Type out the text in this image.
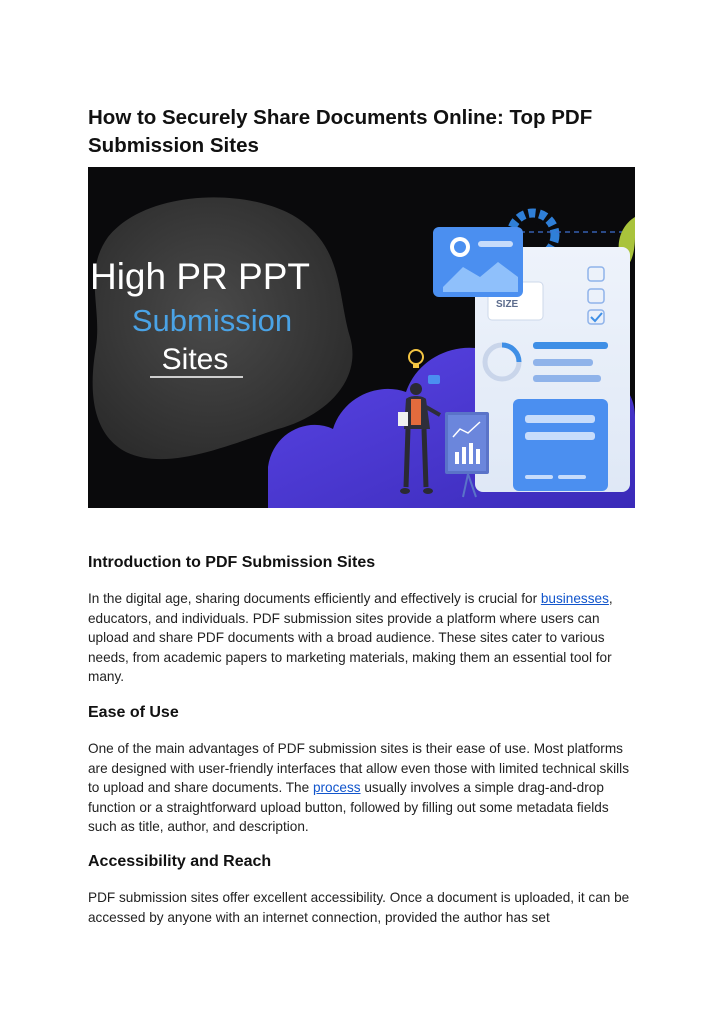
How to Securely Share Documents Online: Top PDF Submission Sites
SIZE
High PR PPT
Submission
Sites
Introduction to PDF Submission Sites

In the digital age, sharing documents efficiently and effectively is crucial for businesses, educators, and individuals. PDF submission sites provide a platform where users can upload and share PDF documents with a broad audience. These sites cater to various needs, from academic papers to marketing materials, making them an essential tool for many.

Ease of Use

One of the main advantages of PDF submission sites is their ease of use. Most platforms are designed with user-friendly interfaces that allow even those with limited technical skills to upload and share documents. The process usually involves a simple drag-and-drop function or a straightforward upload button, followed by filling out some metadata fields such as title, author, and description.

Accessibility and Reach

PDF submission sites offer excellent accessibility. Once a document is uploaded, it can be accessed by anyone with an internet connection, provided the author has set
